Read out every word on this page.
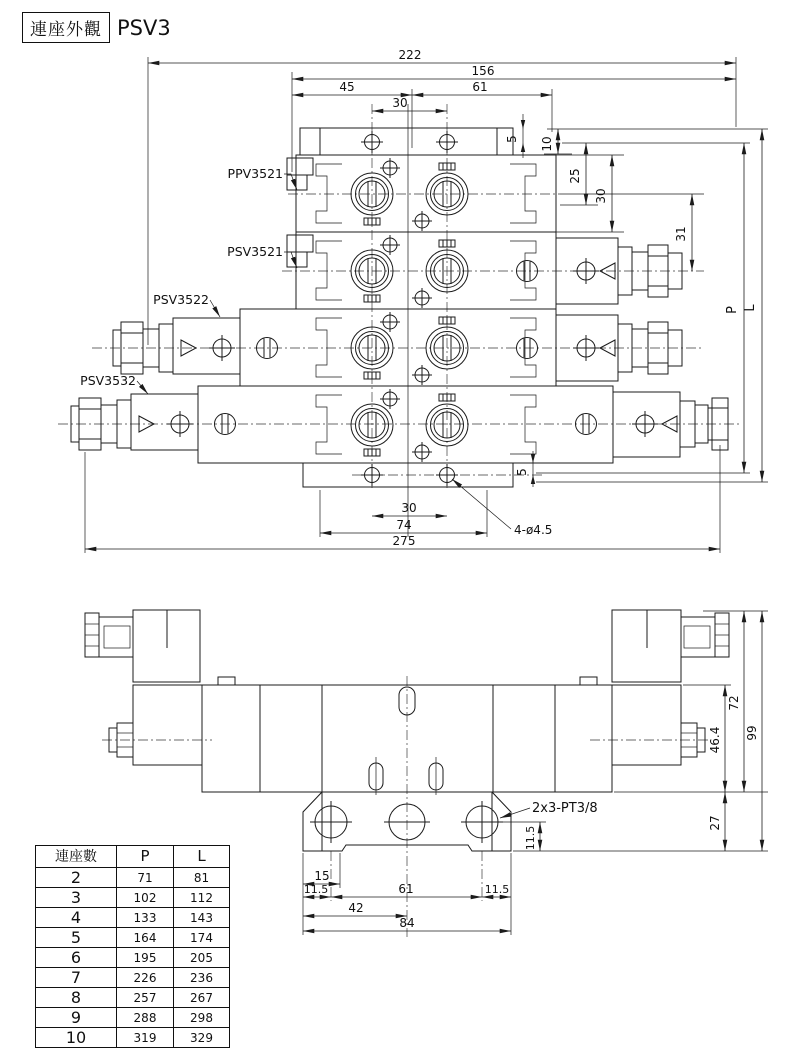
連座外觀 PSV3
222
156
45	61
30
5 10
25
30
31
P L
5
30
74
275
4-ø4.5
PPV3521
PSV3521
PSV3522
PSV3532
15
11.5	61	11.5
42
84
11.5
72
99
46.4
27
2x3-PT3/8
連座數	P	L
2	71	81
3	102	112
4	133	143
5	164	174
6	195	205
7	226	236
8	257	267
9	288	298
10	319	329
